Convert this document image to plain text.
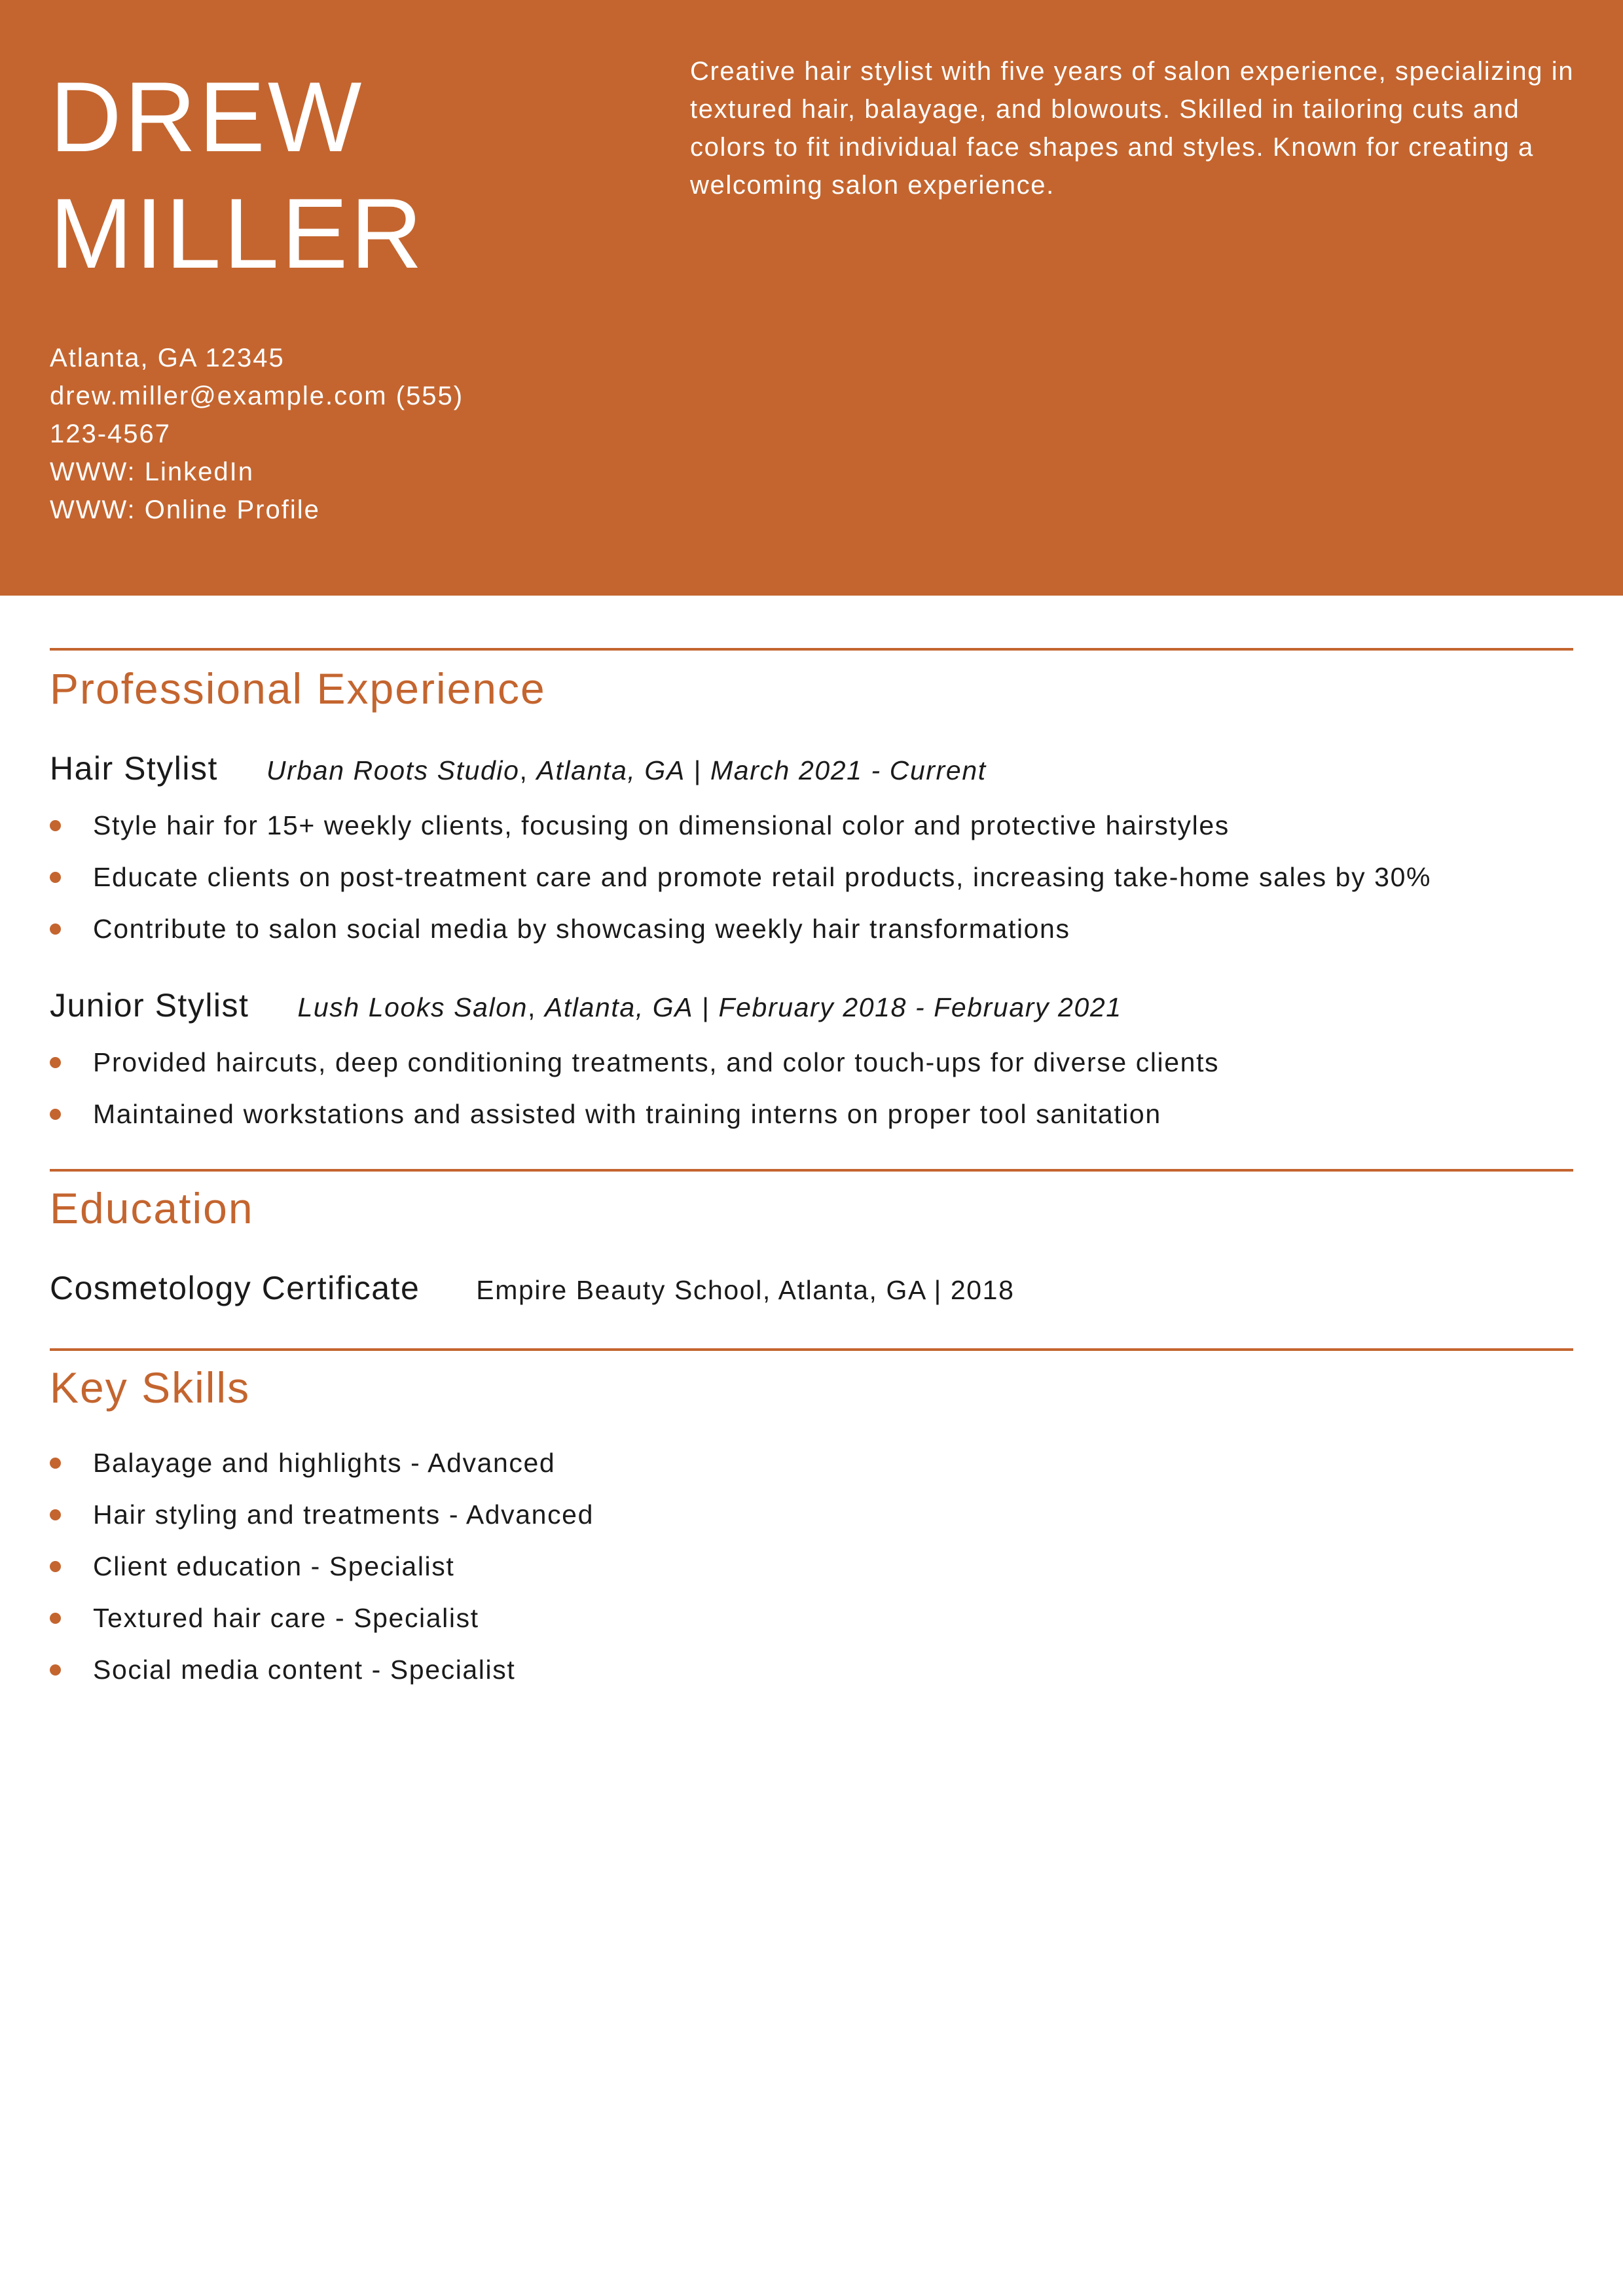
DREW
MILLER
Atlanta, GA 12345
drew.miller@example.com (555)
123-4567
WWW: LinkedIn
WWW: Online Profile

Creative hair stylist with five years of salon experience, specializing in textured hair, balayage, and blowouts. Skilled in tailoring cuts and colors to fit individual face shapes and styles. Known for creating a welcoming salon experience.

Professional Experience
Hair Stylist Urban Roots Studio, Atlanta, GA | March 2021 - Current
Style hair for 15+ weekly clients, focusing on dimensional color and protective hairstyles
Educate clients on post-treatment care and promote retail products, increasing take-home sales by 30%
Contribute to salon social media by showcasing weekly hair transformations
Junior Stylist Lush Looks Salon, Atlanta, GA | February 2018 - February 2021
Provided haircuts, deep conditioning treatments, and color touch-ups for diverse clients
Maintained workstations and assisted with training interns on proper tool sanitation
Education
Cosmetology Certificate Empire Beauty School, Atlanta, GA | 2018
Key Skills
Balayage and highlights - Advanced
Hair styling and treatments - Advanced
Client education - Specialist
Textured hair care - Specialist
Social media content - Specialist
